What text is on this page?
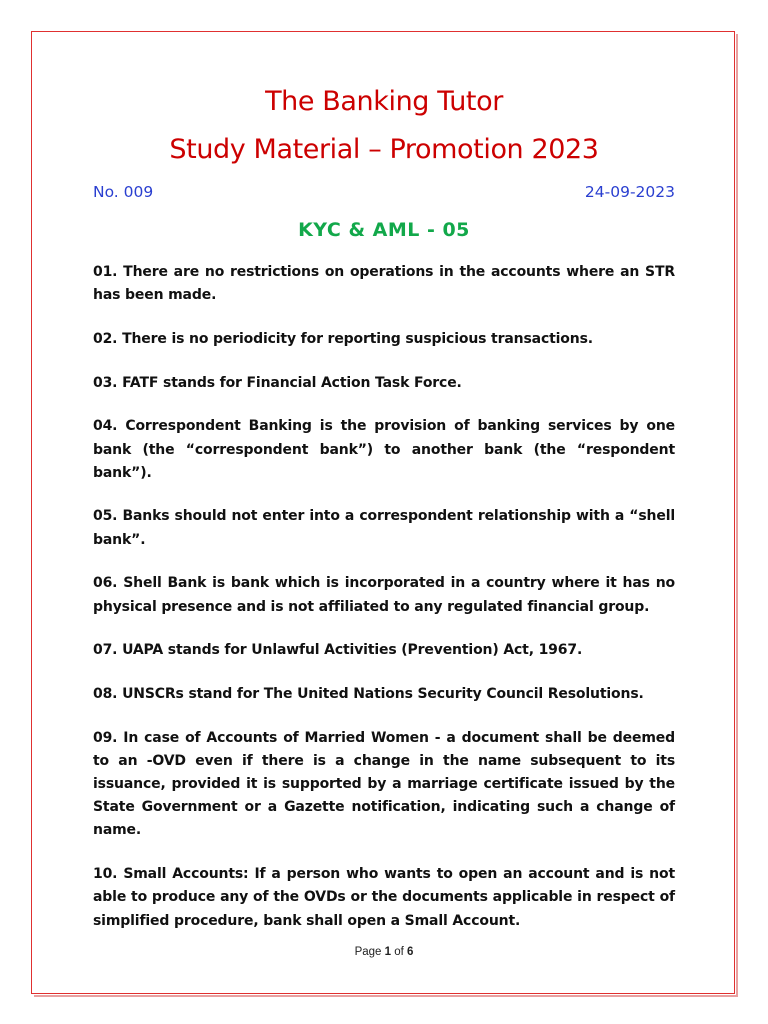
The Banking Tutor
Study Material – Promotion 2023
No. 009	24-09-2023
KYC & AML - 05

01. There are no restrictions on operations in the accounts where an STR has been made.

02. There is no periodicity for reporting suspicious transactions.

03. FATF stands for Financial Action Task Force.

04. Correspondent Banking is the provision of banking services by one bank (the “correspondent bank”) to another bank (the “respondent bank”).

05. Banks should not enter into a correspondent relationship with a “shell bank”.

06. Shell Bank is bank which is incorporated in a country where it has no physical presence and is not affiliated to any regulated financial group.

07. UAPA stands for Unlawful Activities (Prevention) Act, 1967.

08. UNSCRs stand for The United Nations Security Council Resolutions.

09. In case of Accounts of Married Women - a document shall be deemed to an -OVD even if there is a change in the name subsequent to its issuance, provided it is supported by a marriage certificate issued by the State Government or a Gazette notification, indicating such a change of name.

10. Small Accounts: If a person who wants to open an account and is not able to produce any of the OVDs or the documents applicable in respect of simplified procedure, bank shall open a Small Account.

Page 1 of 6
